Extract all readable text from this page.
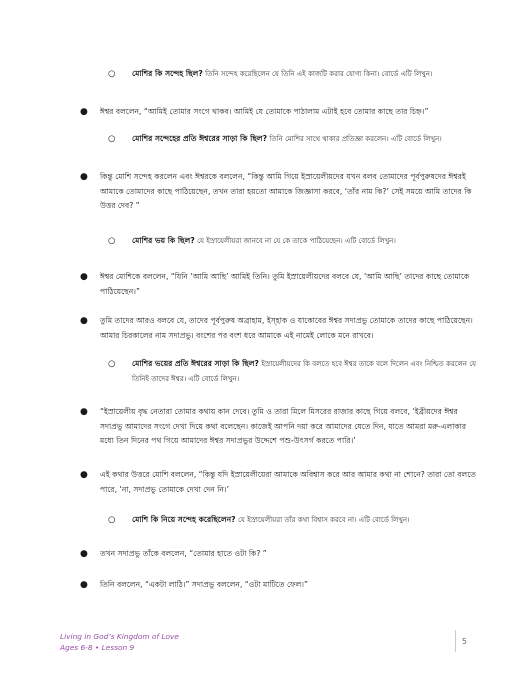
○ মোশির কি সন্দেহ ছিল? তিনি সন্দেহ করেছিলেন যে তিনি এই কাজটি করার যোগ্য কিনা। বোর্ডে এটি লিখুন।
● ঈশ্বর বললেন, “আমিই তোমার সংগে থাকব। আমিই যে তোমাকে পাঠালাম এটাই হবে তোমার কাছে তার চিহ্ন।”
○ মোশির সন্দেহের প্রতি ঈশ্বরের সাড়া কি ছিল? তিনি মোশির সাথে থাকার প্রতিজ্ঞা করলেন। এটি বোর্ডে লিখুন।
● কিন্তু মোশি সন্দেহ করলেন এবং ঈশ্বরকে বললেন, “কিন্তু আমি গিয়ে ইস্রায়েলীয়দের যখন বলব তোমাদের পূর্বপুরুষদের ঈশ্বরই আমাকে তোমাদের কাছে পাঠিয়েছেন, তখন তারা হয়তো আমাকে জিজ্ঞাসা করবে, ‘তাঁর নাম কি?’ সেই সময়ে আমি তাদের কি উত্তর দেব? ”
○ মোশির ভয় কি ছিল? যে ইস্রায়েলীয়রা জানবে না যে কে তাকে পাঠিয়েছেন। এটি বোর্ডে লিখুন।
● ঈশ্বর মোশিকে বললেন, “যিনি ‘আমি আছি’ আমিই তিনি। তুমি ইস্রায়েলীয়দের বলবে যে, ‘আমি আছি’ তাদের কাছে তোমাকে পাঠিয়েছেন।”
● তুমি তাদের আরও বলবে যে, তাদের পূর্বপুরুষ অব্রাহাম, ইস্হাক ও যাকোবের ঈশ্বর সদাপ্রভু তোমাকে তাদের কাছে পাঠিয়েছেন। আমার চিরকালের নাম সদাপ্রভু। বংশের পর বংশ ধরে আমাকে এই নামেই লোকে মনে রাখবে।
○ মোশির ভয়ের প্রতি ঈশ্বরের সাড়া কি ছিল? ইস্রায়েলীয়দের কি বলতে হবে ঈশ্বর তাকে বলে দিলেন এবং নিশ্চিত করলেন যে তিনিই তাদের ঈশ্বর। এটি বোর্ডে লিখুন।
● “ইস্রায়েলীয় বৃদ্ধ নেতারা তোমার কথায় কান দেবে। তুমি ও তারা মিলে মিসরের রাজার কাছে গিয়ে বলবে, ‘ইব্রীয়দের ঈশ্বর সদাপ্রভু আমাদের সংগে দেখা দিয়ে কথা বলেছেন। কাজেই আপনি দয়া করে আমাদের যেতে দিন, যাতে আমরা মরু-এলাকার মধ্যে তিন দিনের পথ গিয়ে আমাদের ঈশ্বর সদাপ্রভুর উদ্দেশে পশু-উৎসর্গ করতে পারি।’
● এই কথার উত্তরে মোশি বললেন, “কিন্তু যদি ইস্রায়েলীয়েরা আমাকে অবিশ্বাস করে আর আমার কথা না শোনে? তারা তো বলতে পারে, ‘না, সদাপ্রভু তোমাকে দেখা দেন নি।’
○ মোশি কি নিয়ে সন্দেহ করেছিলেন? যে ইস্রায়েলীয়রা তাঁর কথা বিশ্বাস করবে না। এটি বোর্ডে লিখুন।
● তখন সদাপ্রভু তাঁকে বললেন, “তোমার হাতে ওটা কি? ”
● তিনি বললেন, “একটা লাঠি।” সদাপ্রভু বললেন, “ওটা মাটিতে ফেল।”
Living in God’s Kingdom of Love
Ages 6-8 • Lesson 9
5
